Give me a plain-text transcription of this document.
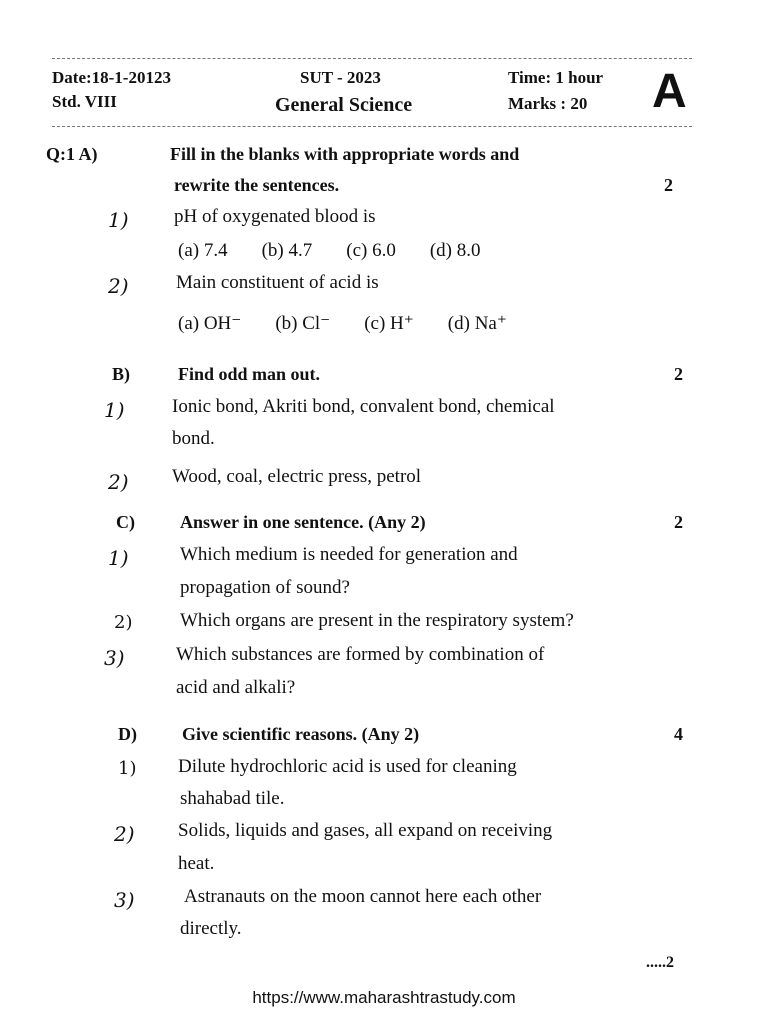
Date:18-1-20123
Std. VIII
SUT - 2023
General Science
Time: 1 hour
Marks : 20 A
Q:1 A)	Fill in the blanks with appropriate words and
rewrite the sentences.	2
1) pH of oxygenated blood is
(a) 7.4 (b) 4.7 (c) 6.0 (d) 8.0
2) Main constituent of acid is
(a) OH⁻ (b) Cl⁻ (c) H⁺ (d) Na⁺
B)	Find odd man out.	2
1) Ionic bond, Akriti bond, convalent bond, chemical
bond.
2) Wood, coal, electric press, petrol
C)	Answer in one sentence. (Any 2)	2
1)	Which medium is needed for generation and
propagation of sound?
2)	Which organs are present in the respiratory system?
3)	Which substances are formed by combination of
acid and alkali?
D)	Give scientific reasons. (Any 2)	4
1) Dilute hydrochloric acid is used for cleaning
shahabad tile.
2) Solids, liquids and gases, all expand on receiving
heat.
3)	Astranauts on the moon cannot here each other
directly.
.....2
https://www.maharashtrastudy.com
